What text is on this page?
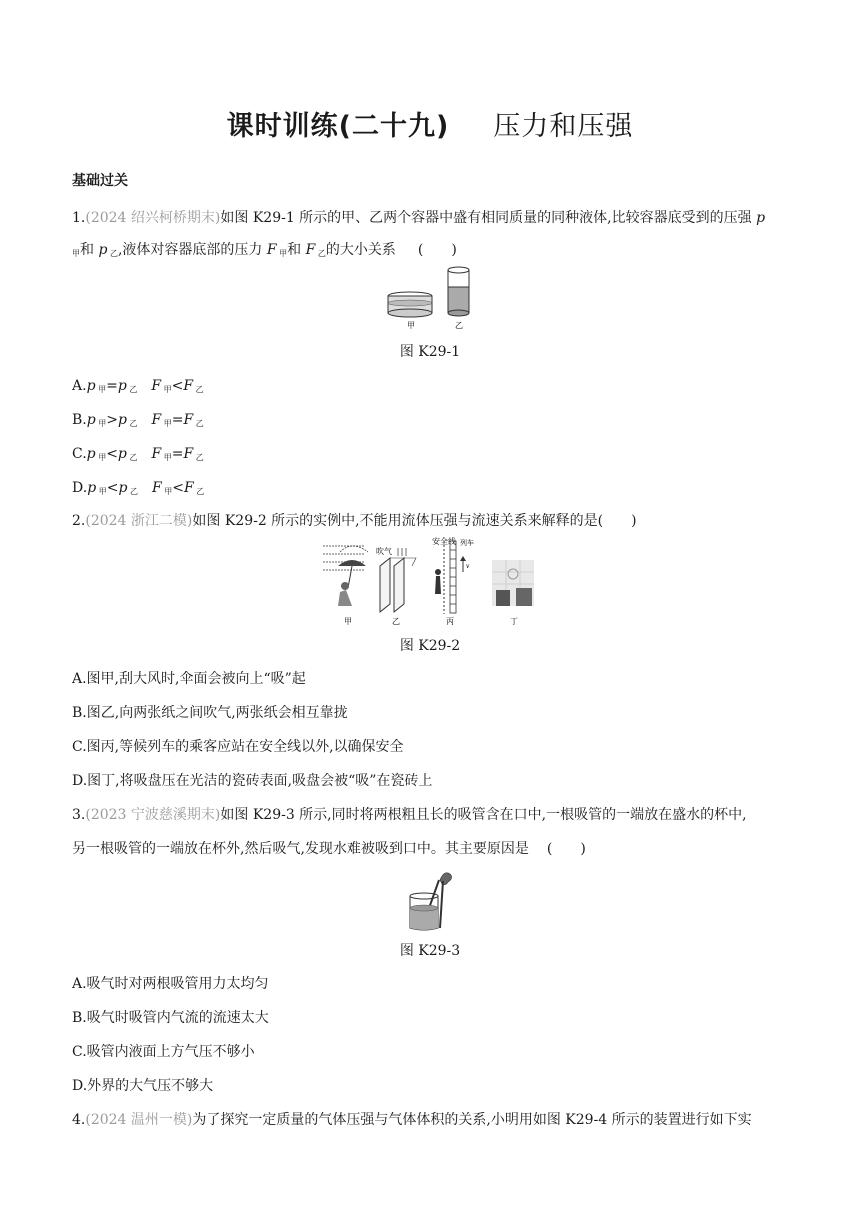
课时训练(二十九) 压力和压强
基础过关
1.(2024 绍兴柯桥期末)如图 K29-1 所示的甲、乙两个容器中盛有相同质量的同种液体,比较容器底受到的压强 p
甲和 p 乙,液体对容器底部的压力 F 甲和 F 乙的大小关系 (　　)
甲	乙
图 K29-1
A.p 甲=p 乙 F 甲<F 乙
B.p 甲>p 乙 F 甲=F 乙
C.p 甲<p 乙 F 甲=F 乙
D.p 甲<p 乙 F 甲<F 乙
2.(2024 浙江二模)如图 K29-2 所示的实例中,不能用流体压强与流速关系来解释的是(　　)
吹气
安全线 列车
v
甲	乙	丙	丁
图 K29-2
A.图甲,刮大风时,伞面会被向上“吸”起
B.图乙,向两张纸之间吹气,两张纸会相互靠拢
C.图丙,等候列车的乘客应站在安全线以外,以确保安全
D.图丁,将吸盘压在光洁的瓷砖表面,吸盘会被“吸”在瓷砖上
3.(2023 宁波慈溪期末)如图 K29-3 所示,同时将两根粗且长的吸管含在口中,一根吸管的一端放在盛水的杯中,
另一根吸管的一端放在杯外,然后吸气,发现水难被吸到口中。其主要原因是 (　　)
图 K29-3
A.吸气时对两根吸管用力太均匀
B.吸气时吸管内气流的流速太大
C.吸管内液面上方气压不够小
D.外界的大气压不够大
4.(2024 温州一模)为了探究一定质量的气体压强与气体体积的关系,小明用如图 K29-4 所示的装置进行如下实
